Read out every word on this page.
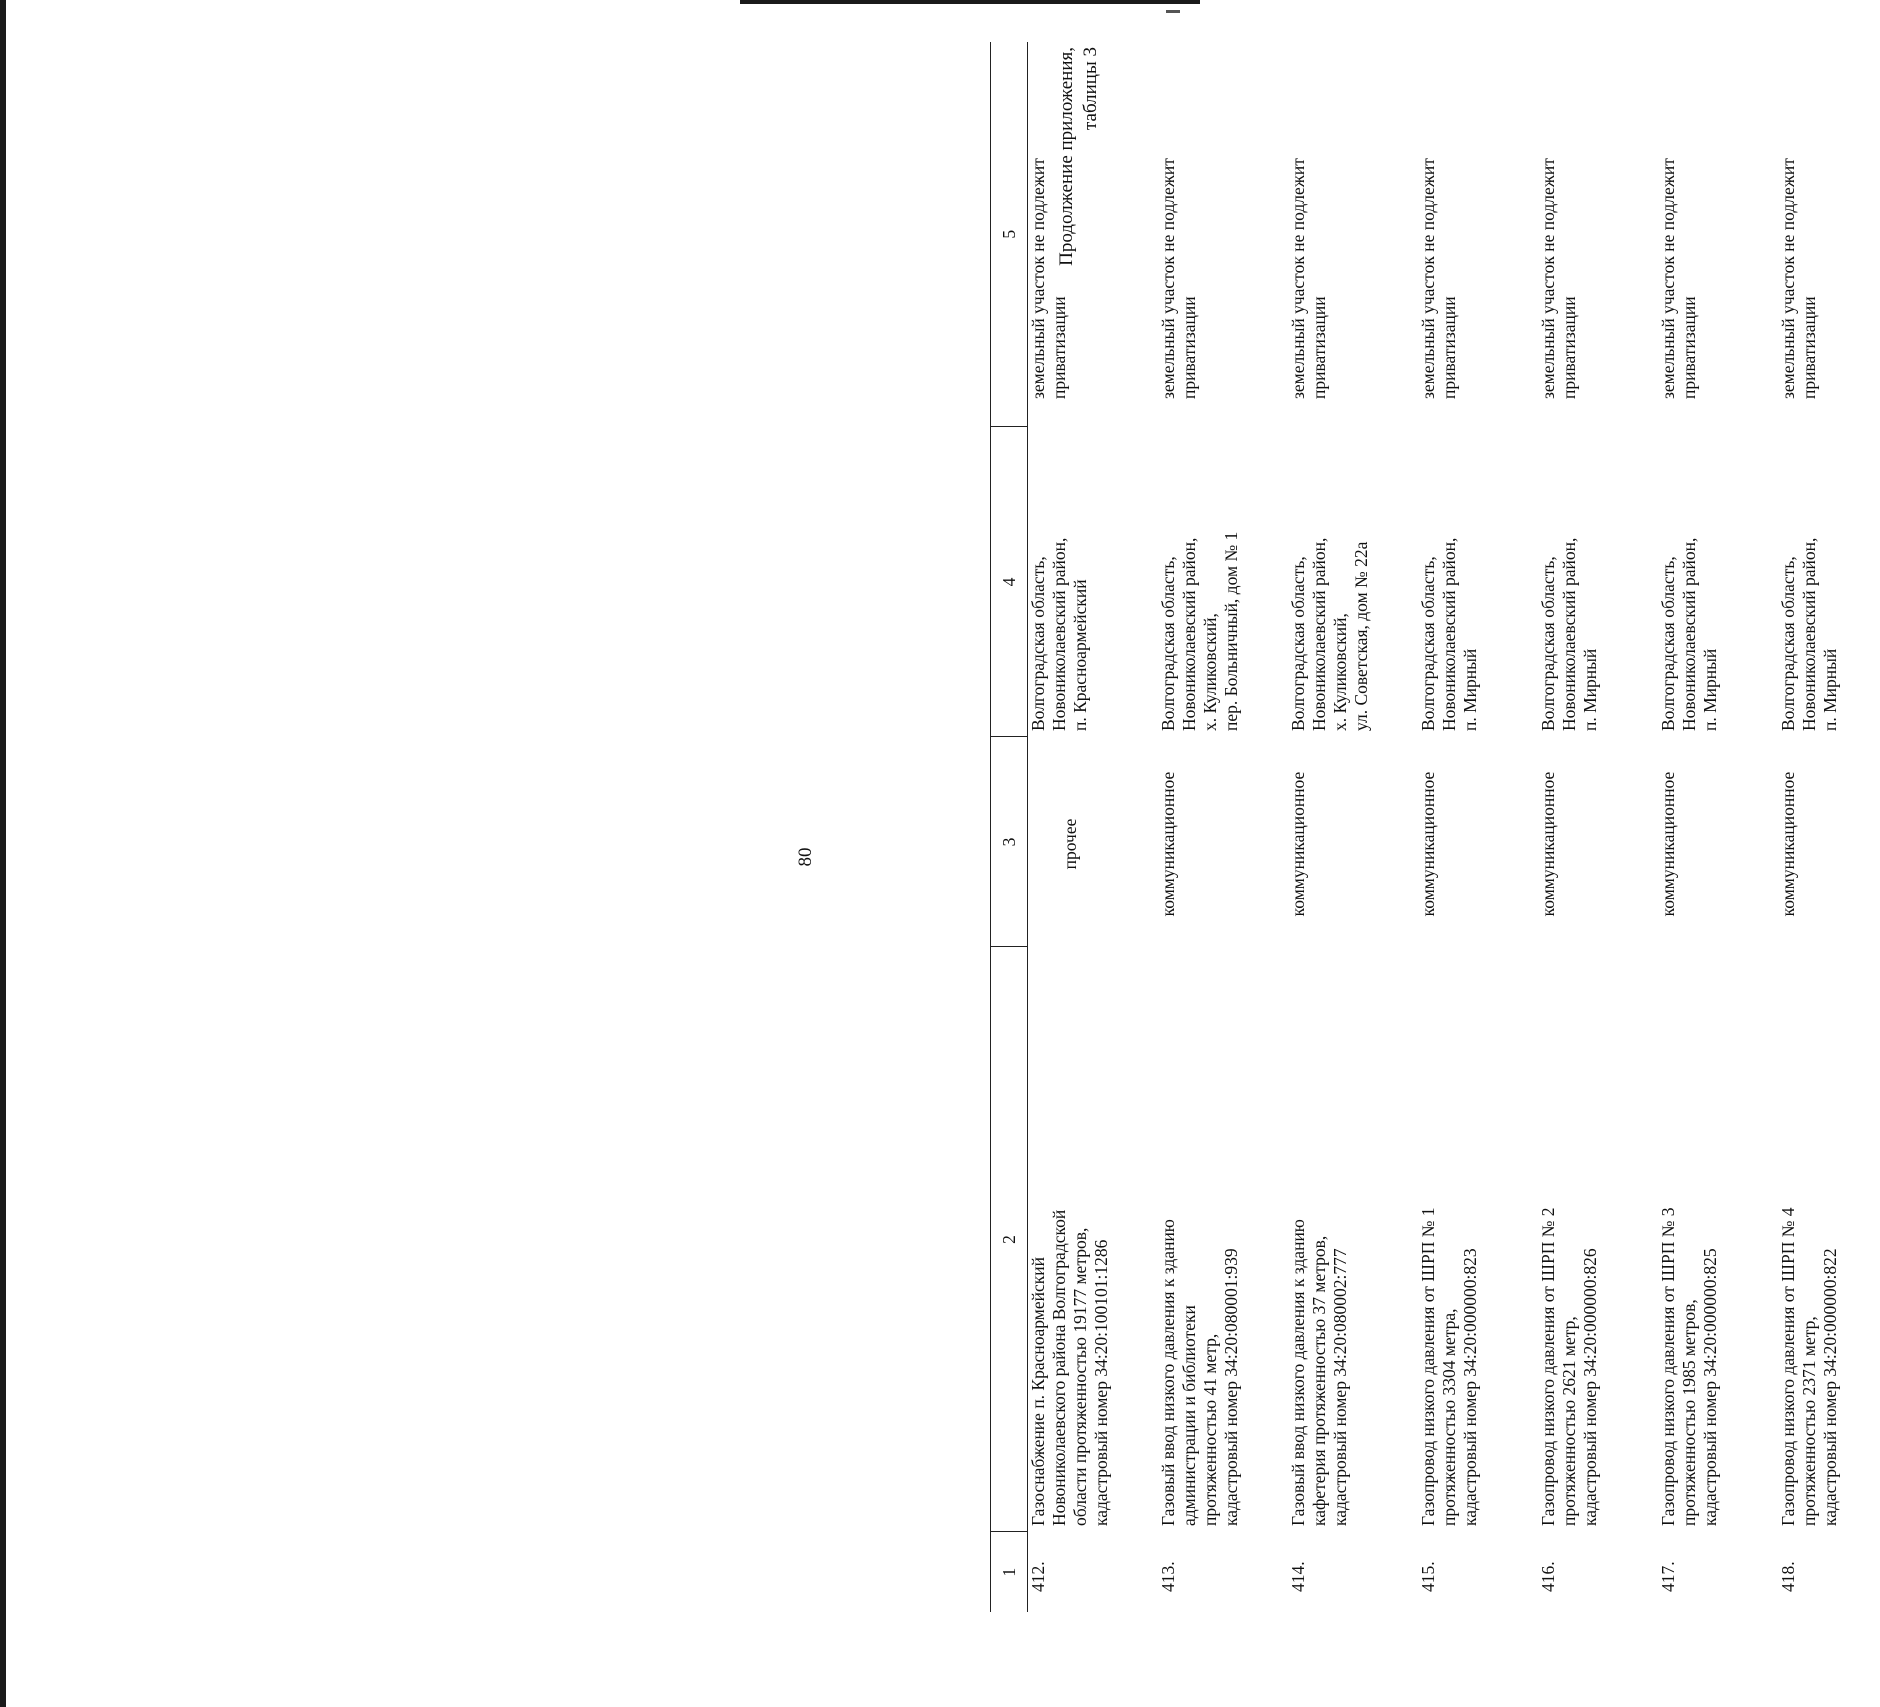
80
Продолжение приложения, таблицы 3
1	2	3	4	5
412.	Газоснабжение п. Красноармейский
Новониколаевского района Волгоградской
области протяженностью 19177 метров,
кадастровый номер 34:20:100101:1286	прочее	Волгоградская область,
Новониколаевский район,
п. Красноармейский	земельный участок не подлежит
приватизации

413.	Газовый ввод низкого давления к зданию
администрации и библиотеки
протяженностью 41 метр,
кадастровый номер 34:20:080001:939	коммуникационное	Волгоградская область,
Новониколаевский район,
х. Куликовский,
пер. Больничный, дом № 1	земельный участок не подлежит
приватизации

414.	Газовый ввод низкого давления к зданию
кафетерия протяженностью 37 метров,
кадастровый номер 34:20:080002:777	коммуникационное	Волгоградская область,
Новониколаевский район,
х. Куликовский,
ул. Советская, дом № 22а	земельный участок не подлежит
приватизации

415.	Газопровод низкого давления от ШРП № 1
протяженностью 3304 метра,
кадастровый номер 34:20:000000:823	коммуникационное	Волгоградская область,
Новониколаевский район,
п. Мирный	земельный участок не подлежит
приватизации

416.	Газопровод низкого давления от ШРП № 2
протяженностью 2621 метр,
кадастровый номер 34:20:000000:826	коммуникационное	Волгоградская область,
Новониколаевский район,
п. Мирный	земельный участок не подлежит
приватизации

417.	Газопровод низкого давления от ШРП № 3
протяженностью 1985 метров,
кадастровый номер 34:20:000000:825	коммуникационное	Волгоградская область,
Новониколаевский район,
п. Мирный	земельный участок не подлежит
приватизации

418.	Газопровод низкого давления от ШРП № 4
протяженностью 2371 метр,
кадастровый номер 34:20:000000:822	коммуникационное	Волгоградская область,
Новониколаевский район,
п. Мирный	земельный участок не подлежит
приватизации
